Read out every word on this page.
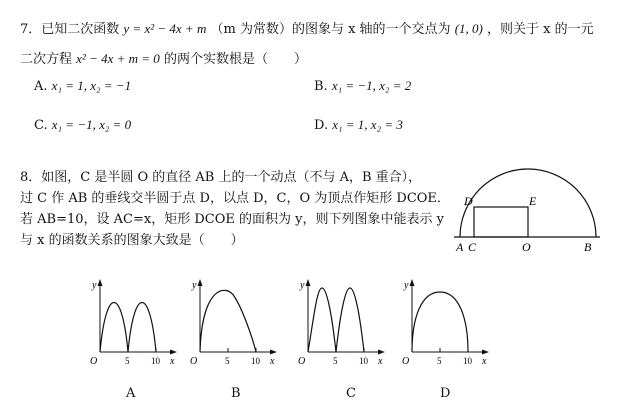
7．已知二次函数 y = x² − 4x + m （m 为常数）的图象与 x 轴的一个交点为 (1, 0) ，则关于 x 的一元
二次方程 x² − 4x + m = 0 的两个实数根是（　　）
A. x₁ = 1, x₂ = −1	B. x₁ = −1, x₂ = 2
C. x₁ = −1, x₂ = 0	D. x₁ = 1, x₂ = 3
8．如图，C 是半圆 O 的直径 AB 上的一个动点（不与 A，B 重合），
过 C 作 AB 的垂线交半圆于点 D，以点 D，C，O 为顶点作矩形 DCOE．
若 AB=10，设 AC=x，矩形 DCOE 的面积为 y，则下列图象中能表示 y
与 x 的函数关系的图象大致是（　　）
D	E
A C	O	B
y
x
O	5 10
A
y
x
O	5 10
B
y
x
O	5 10
C
y
x
O	5 10
D
